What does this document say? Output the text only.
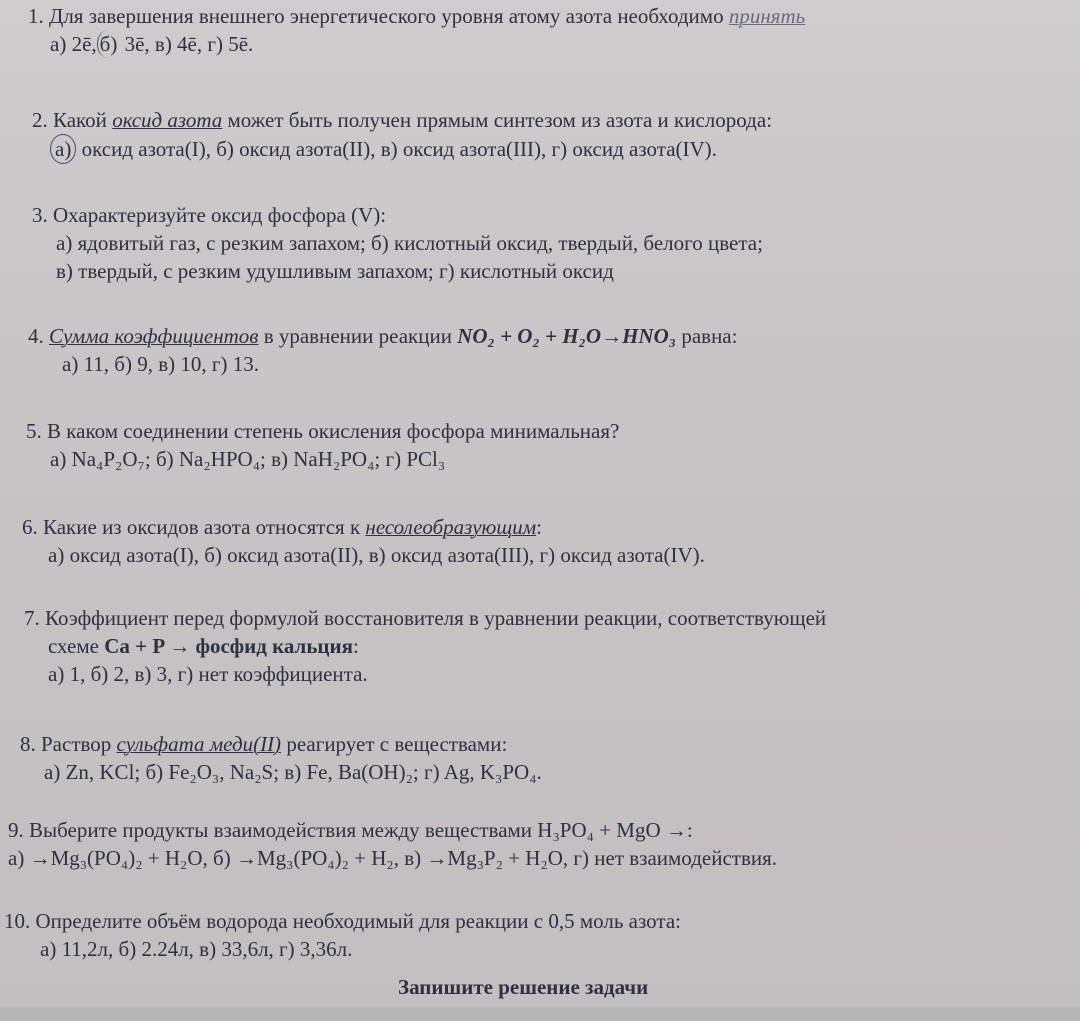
1. Для завершения внешнего энергетического уровня атому азота необходимо принять
а) 2ē, б) 3ē, в) 4ē, г) 5ē.
2. Какой оксид азота может быть получен прямым синтезом из азота и кислорода:
а) оксид азота(I), б) оксид азота(II), в) оксид азота(III), г) оксид азота(IV).
3. Охарактеризуйте оксид фосфора (V):
а) ядовитый газ, с резким запахом; б) кислотный оксид, твердый, белого цвета;
в) твердый, с резким удушливым запахом; г) кислотный оксид
4. Сумма коэффициентов в уравнении реакции NO₂ + O₂ + H₂O→HNO₃ равна:
а) 11, б) 9, в) 10, г) 13.
5. В каком соединении степень окисления фосфора минимальная?
а) Na₄P₂O₇; б) Na₂HPO₄; в) NaH₂PO₄; г) PCl₃
6. Какие из оксидов азота относятся к несолеобразующим:
а) оксид азота(I), б) оксид азота(II), в) оксид азота(III), г) оксид азота(IV).
7. Коэффициент перед формулой восстановителя в уравнении реакции, соответствующей
схеме Ca + P → фосфид кальция:
а) 1, б) 2, в) 3, г) нет коэффициента.
8. Раствор сульфата меди(II) реагирует с веществами:
а) Zn, KCl; б) Fe₂O₃, Na₂S; в) Fe, Ba(OH)₂; г) Ag, K₃PO₄.
9. Выберите продукты взаимодействия между веществами H₃PO₄ + MgO →:
а) →Mg₃(PO₄)₂ + H₂O, б) →Mg₃(PO₄)₂ + H₂, в) →Mg₃P₂ + H₂O, г) нет взаимодействия.
10. Определите объём водорода необходимый для реакции с 0,5 моль азота:
а) 11,2л, б) 2.24л, в) 33,6л, г) 3,36л.
Запишите решение задачи
